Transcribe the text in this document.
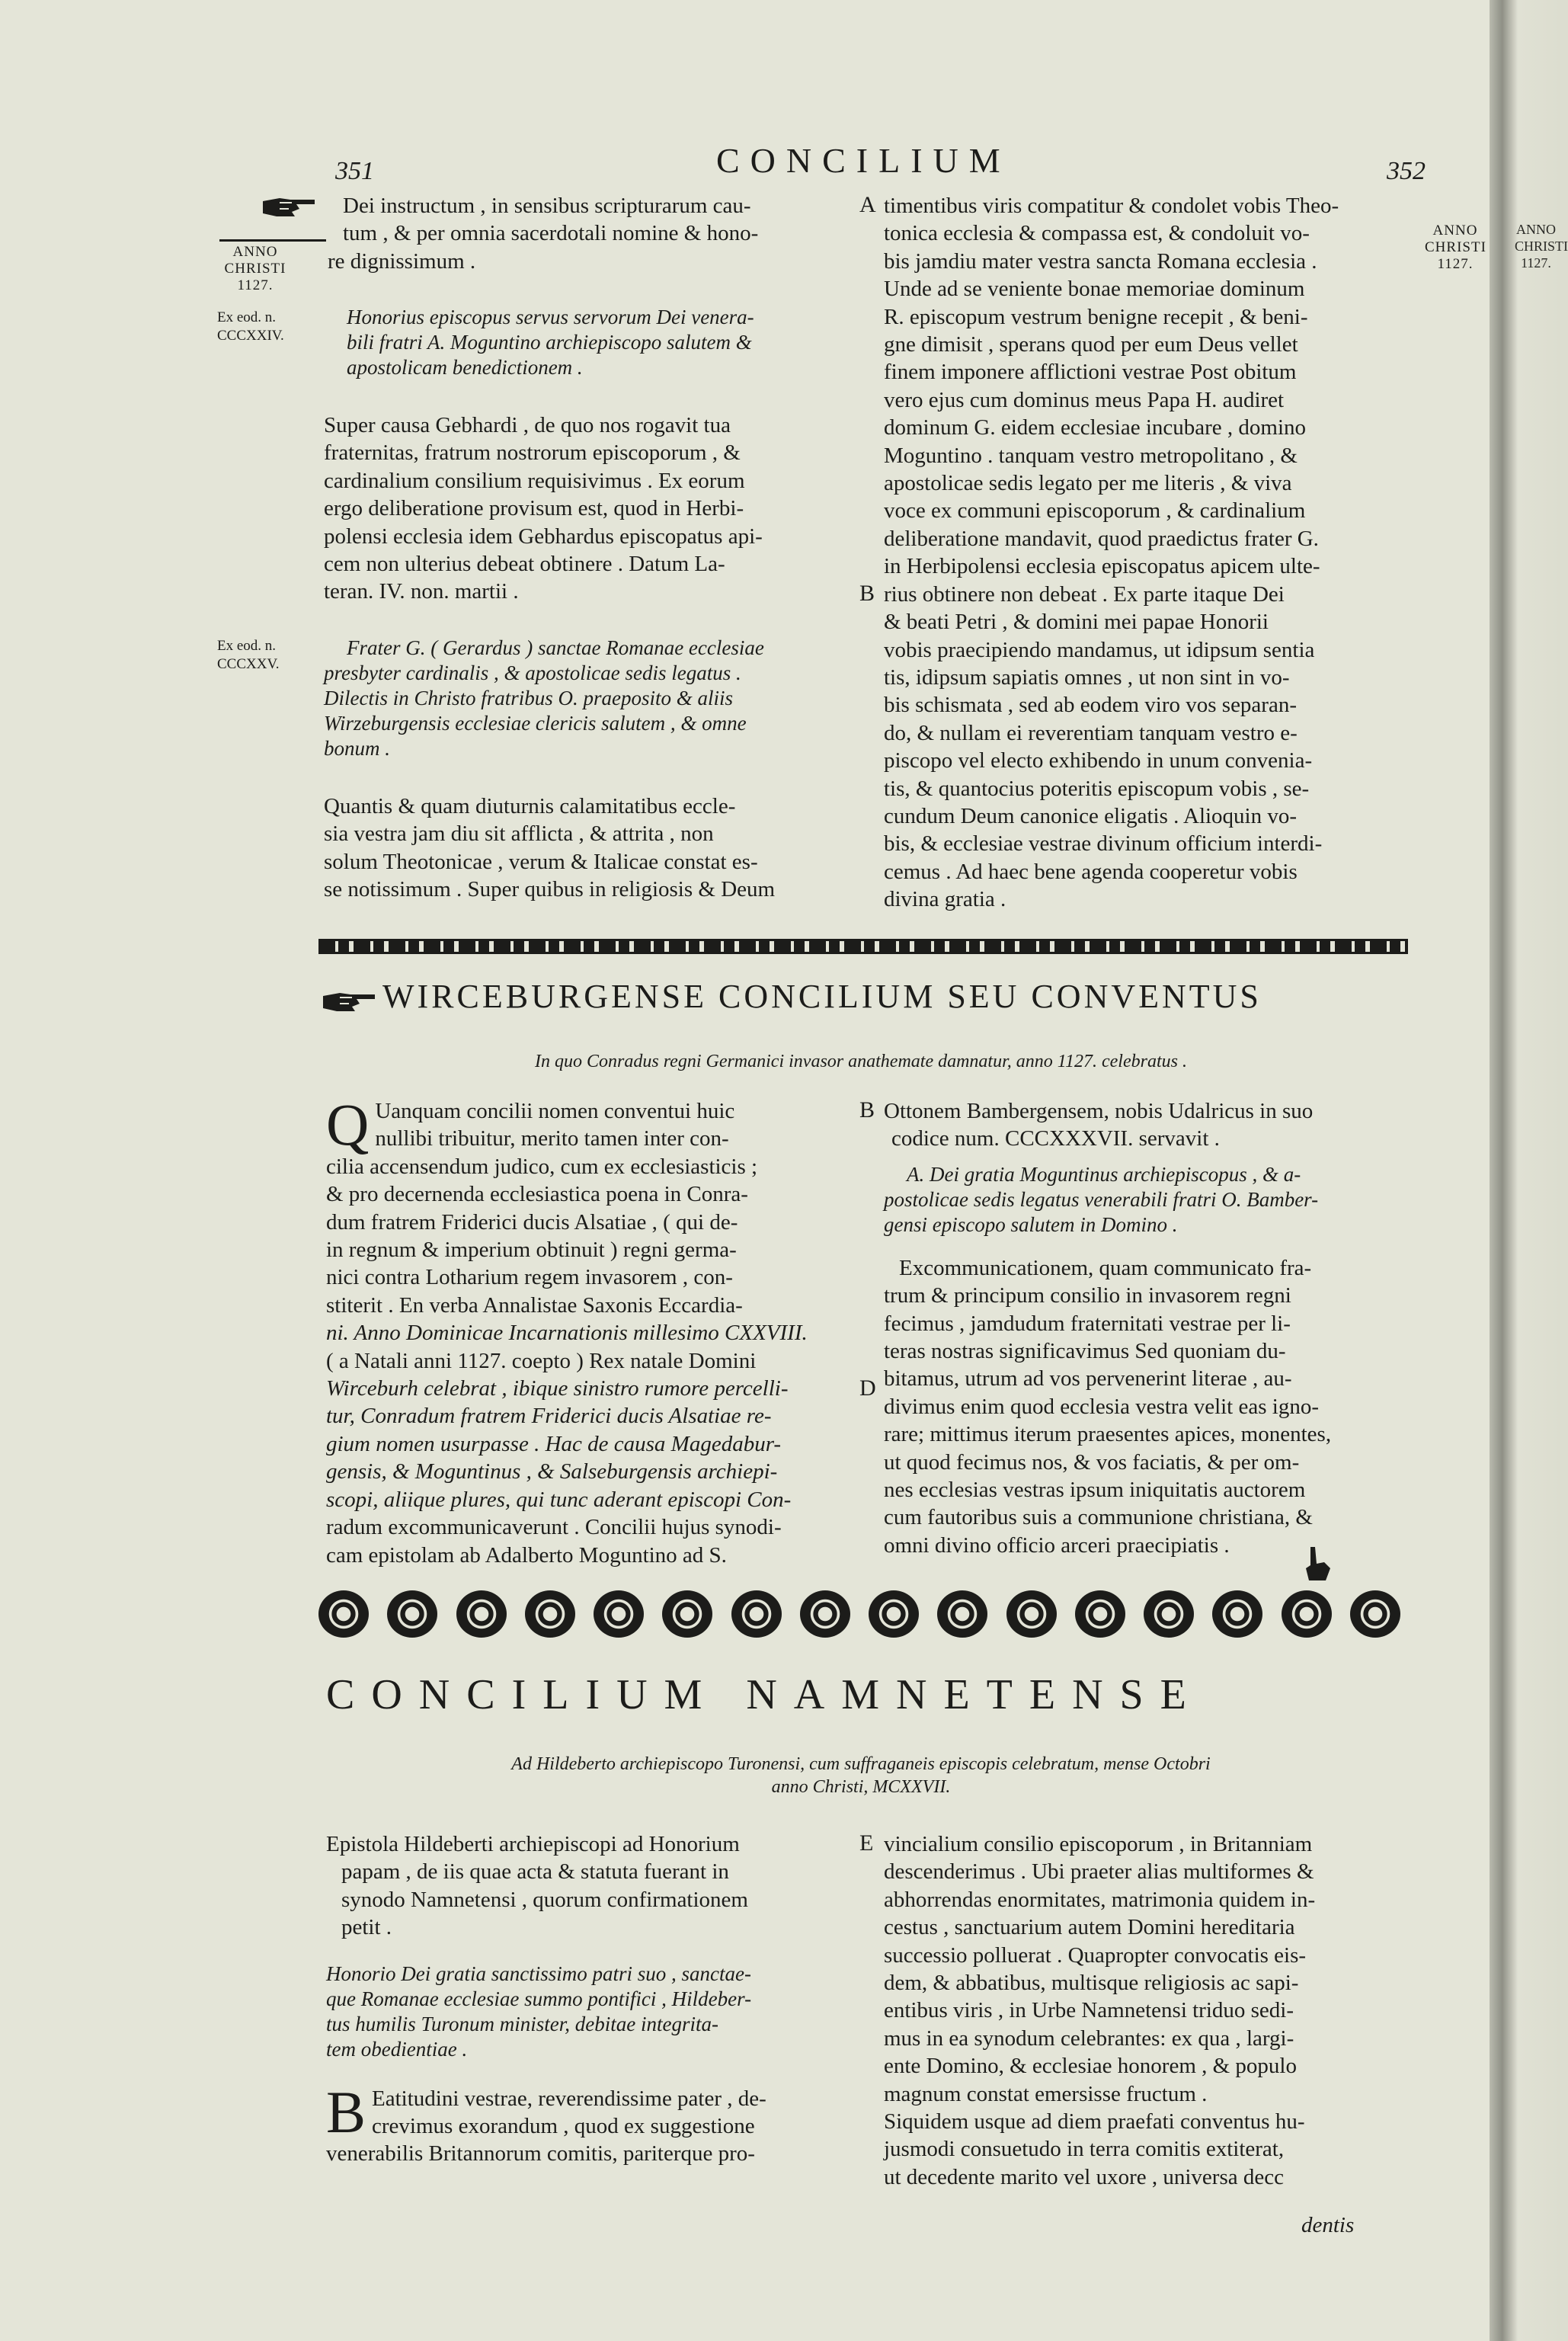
351	CONCILIUM	352
ANNO
CHRISTI
1127.
Ex eod. n.
CCCXXIV.
Ex eod. n.
CCCXXV.
ANNO
CHRISTI
1127.
ANNO
CHRISTI
1127.

Dei instructum , in sensibus scripturarum cau-

tum , & per omnia sacerdotali nomine & hono-

re dignissimum .

Honorius episcopus servus servorum Dei venera-
bili fratri A. Moguntino archiepiscopo salutem &
apostolicam benedictionem .

Super causa Gebhardi , de quo nos rogavit tua

fraternitas, fratrum nostrorum episcoporum , &

cardinalium consilium requisivimus . Ex eorum

ergo deliberatione provisum est, quod in Herbi-

polensi ecclesia idem Gebhardus episcopatus api-

cem non ulterius debeat obtinere . Datum La-

teran. IV. non. martii .

Frater G. ( Gerardus ) sanctae Romanae ecclesiae
presbyter cardinalis , & apostolicae sedis legatus .
Dilectis in Christo fratribus O. praeposito & aliis
Wirzeburgensis ecclesiae clericis salutem , & omne
bonum .

Quantis & quam diuturnis calamitatibus eccle-

sia vestra jam diu sit afflicta , & attrita , non

solum Theotonicae , verum & Italicae constat es-

se notissimum . Super quibus in religiosis & Deum

A
B

timentibus viris compatitur & condolet vobis Theo-

tonica ecclesia & compassa est, & condoluit vo-

bis jamdiu mater vestra sancta Romana ecclesia .

Unde ad se veniente bonae memoriae dominum

R. episcopum vestrum benigne recepit , & beni-

gne dimisit , sperans quod per eum Deus vellet

finem imponere afflictioni vestrae Post obitum

vero ejus cum dominus meus Papa H. audiret

dominum G. eidem ecclesiae incubare , domino

Moguntino . tanquam vestro metropolitano , &

apostolicae sedis legato per me literis , & viva

voce ex communi episcoporum , & cardinalium

deliberatione mandavit, quod praedictus frater G.

in Herbipolensi ecclesia episcopatus apicem ulte-

rius obtinere non debeat . Ex parte itaque Dei

& beati Petri , & domini mei papae Honorii

vobis praecipiendo mandamus, ut idipsum sentia

tis, idipsum sapiatis omnes , ut non sint in vo-

bis schismata , sed ab eodem viro vos separan-

do, & nullam ei reverentiam tanquam vestro e-

piscopo vel electo exhibendo in unum convenia-

tis, & quantocius poteritis episcopum vobis , se-

cundum Deum canonice eligatis . Alioquin vo-

bis, & ecclesiae vestrae divinum officium interdi-

cemus . Ad haec bene agenda cooperetur vobis

divina gratia .

WIRCEBURGENSE CONCILIUM SEU CONVENTUS
In quo Conradus regni Germanici invasor anathemate damnatur, anno 1127. celebratus .
Q Uanquam concilii nomen conventui huic

nullibi tribuitur, merito tamen inter con-

cilia accensendum judico, cum ex ecclesiasticis ;

& pro decernenda ecclesiastica poena in Conra-

dum fratrem Friderici ducis Alsatiae , ( qui de-

in regnum & imperium obtinuit ) regni germa-

nici contra Lotharium regem invasorem , con-

stiterit . En verba Annalistae Saxonis Eccardia-

ni. Anno Dominicae Incarnationis millesimo CXXVIII.

( a Natali anni 1127. coepto ) Rex natale Domini

Wirceburh celebrat , ibique sinistro rumore percelli-

tur, Conradum fratrem Friderici ducis Alsatiae re-

gium nomen usurpasse . Hac de causa Magedabur-

gensis, & Moguntinus , & Salseburgensis archiepi-

scopi, aliique plures, qui tunc aderant episcopi Con-

radum excommunicaverunt . Concilii hujus synodi-

cam epistolam ab Adalberto Moguntino ad S.

B
D

Ottonem Bambergensem, nobis Udalricus in suo

codice num. CCCXXXVII. servavit .

A. Dei gratia Moguntinus archiepiscopus , & a-
postolicae sedis legatus venerabili fratri O. Bamber-
gensi episcopo salutem in Domino .

Excommunicationem, quam communicato fra-

trum & principum consilio in invasorem regni

fecimus , jamdudum fraternitati vestrae per li-

teras nostras significavimus Sed quoniam du-

bitamus, utrum ad vos pervenerint literae , au-

divimus enim quod ecclesia vestra velit eas igno-

rare; mittimus iterum praesentes apices, monentes,

ut quod fecimus nos, & vos faciatis, & per om-

nes ecclesias vestras ipsum iniquitatis auctorem

cum fautoribus suis a communione christiana, &

omni divino officio arceri praecipiatis .

CONCILIUM NAMNETENSE
Ad Hildeberto archiepiscopo Turonensi, cum suffraganeis episcopis celebratum, mense Octobri
anno Christi, MCXXVII.

Epistola Hildeberti archiepiscopi ad Honorium

papam , de iis quae acta & statuta fuerant in

synodo Namnetensi , quorum confirmationem

petit .

Honorio Dei gratia sanctissimo patri suo , sanctae-
que Romanae ecclesiae summo pontifici , Hildeber-
tus humilis Turonum minister, debitae integrita-
tem obedientiae .
B Eatitudini vestrae, reverendissime pater , de-

crevimus exorandum , quod ex suggestione

venerabilis Britannorum comitis, pariterque pro-

E vincialium consilio episcoporum , in Britanniam

descenderimus . Ubi praeter alias multiformes &

abhorrendas enormitates, matrimonia quidem in-

cestus , sanctuarium autem Domini hereditaria

successio polluerat . Quapropter convocatis eis-

dem, & abbatibus, multisque religiosis ac sapi-

entibus viris , in Urbe Namnetensi triduo sedi-

mus in ea synodum celebrantes: ex qua , largi-

ente Domino, & ecclesiae honorem , & populo

magnum constat emersisse fructum .

Siquidem usque ad diem praefati conventus hu-

jusmodi consuetudo in terra comitis extiterat,

ut decedente marito vel uxore , universa decc

dentis
